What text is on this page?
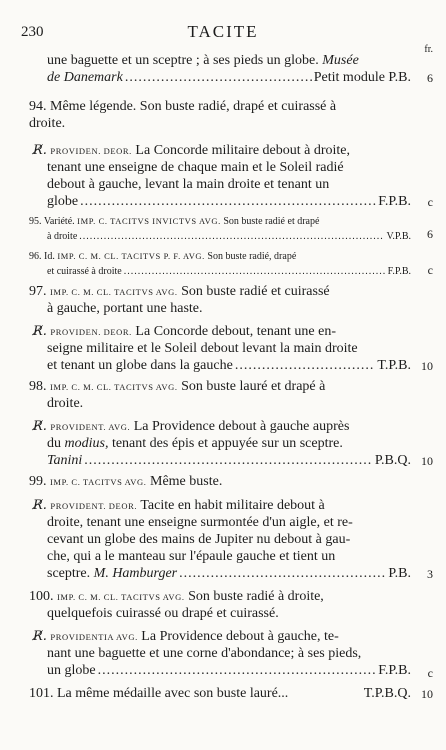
230	TACITE
fr.
une baguette et un sceptre ; à ses pieds un globe. Musée
de Danemark .....	Petit module P.B.	6
94. Même légende. Son buste radié, drapé et cuirassé à
droite.
R̸. PROVIDEN. DEOR. La Concorde militaire debout à droite,
tenant une enseigne de chaque main et le Soleil radié
debout à gauche, levant la main droite et tenant un
globe .....	F.P.B.	c
95. Variété. IMP. C. TACITVS INVICTVS AVG. Son buste radié et drapé
à droite .....	V.P.B.	6
96. Id. IMP. C. M. CL. TACITVS P. F. AVG. Son buste radié, drapé
et cuirassé à droite .....	F.P.B.	c
97. IMP. C. M. CL. TACITVS AVG. Son buste radié et cuirassé
à gauche, portant une haste.
R̸. PROVIDEN. DEOR. La Concorde debout, tenant une en-
seigne militaire et le Soleil debout levant la main droite
et tenant un globe dans la gauche .....	T.P.B. 10
98. IMP. C. M. CL. TACITVS AVG. Son buste lauré et drapé à
droite.
R̸. PROVIDENT. AVG. La Providence debout à gauche auprès
du modius, tenant des épis et appuyée sur un sceptre.
Tanini .....	P.B.Q. 10
99. IMP. C. TACITVS AVG. Même buste.
R̸. PROVIDENT. DEOR. Tacite en habit militaire debout à
droite, tenant une enseigne surmontée d'un aigle, et re-
cevant un globe des mains de Jupiter nu debout à gau-
che, qui a le manteau sur l'épaule gauche et tient un
sceptre.
M. Hamburger .....	P.B.	3
100. IMP. C. M. CL. TACITVS AVG. Son buste radié à droite,
quelquefois cuirassé ou drapé et cuirassé.
R̸. PROVIDENTIA AVG. La Providence debout à gauche, te-
nant une baguette et une corne d'abondance; à ses pieds,
un globe .....	F.P.B.	c
101. La même médaille avec son buste lauré...	T.P.B.Q. 10
